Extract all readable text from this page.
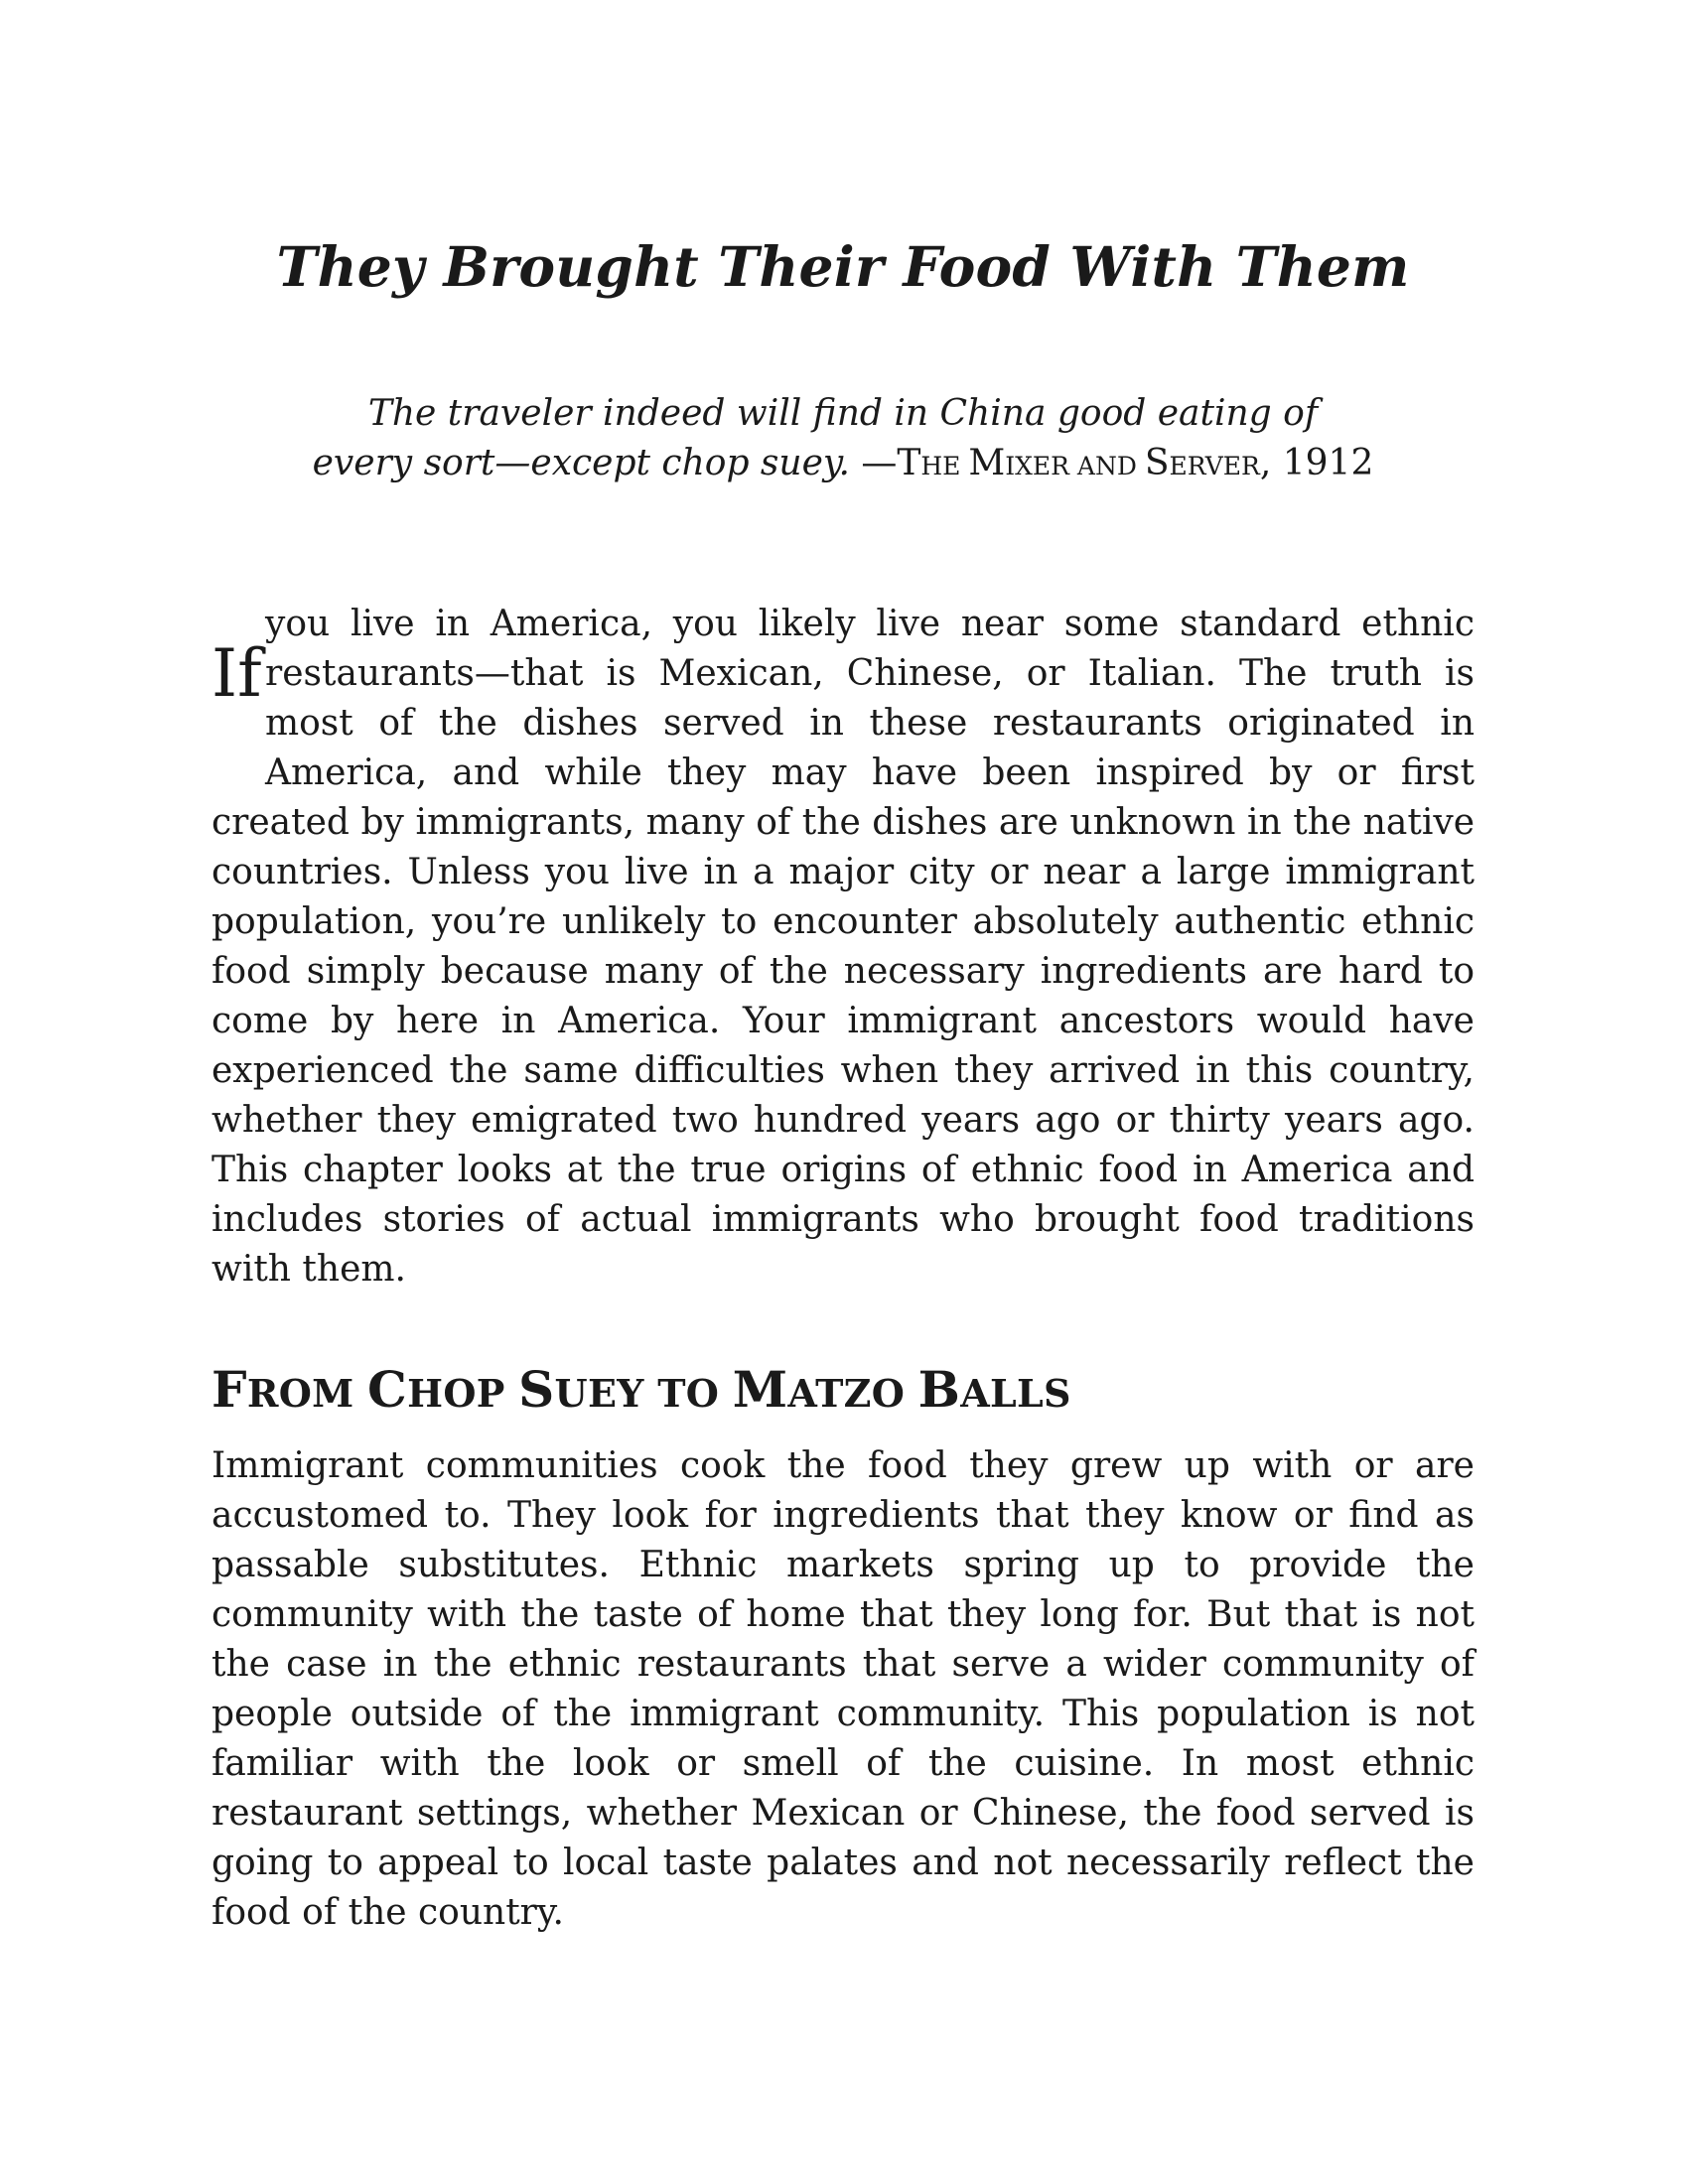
They Brought Their Food With Them

The traveler indeed will find in China good eating of
every sort—except chop suey. —THE MIXER AND SERVER, 1912

If

you live in America, you likely live near some standard ethnic

restaurants—that is Mexican, Chinese, or Italian. The truth is

most of the dishes served in these restaurants originated in

America, and while they may have been inspired by or first

created by immigrants, many of the dishes are unknown in the native countries. Unless you live in a major city or near a large immigrant population, you’re unlikely to encounter absolutely authentic ethnic food simply because many of the necessary ingredients are hard to come by here in America. Your immigrant ancestors would have experienced the same difficulties when they arrived in this country, whether they emigrated two hundred years ago or thirty years ago. This chapter looks at the true origins of ethnic food in America and includes stories of actual immigrants who brought food traditions with them.

FROM CHOP SUEY TO MATZO BALLS

Immigrant communities cook the food they grew up with or are accustomed to. They look for ingredients that they know or find as passable substitutes. Ethnic markets spring up to provide the community with the taste of home that they long for. But that is not the case in the ethnic restaurants that serve a wider community of people outside of the immigrant community. This population is not familiar with the look or smell of the cuisine. In most ethnic restaurant settings, whether Mexican or Chinese, the food served is going to appeal to local taste palates and not necessarily reflect the food of the country.
